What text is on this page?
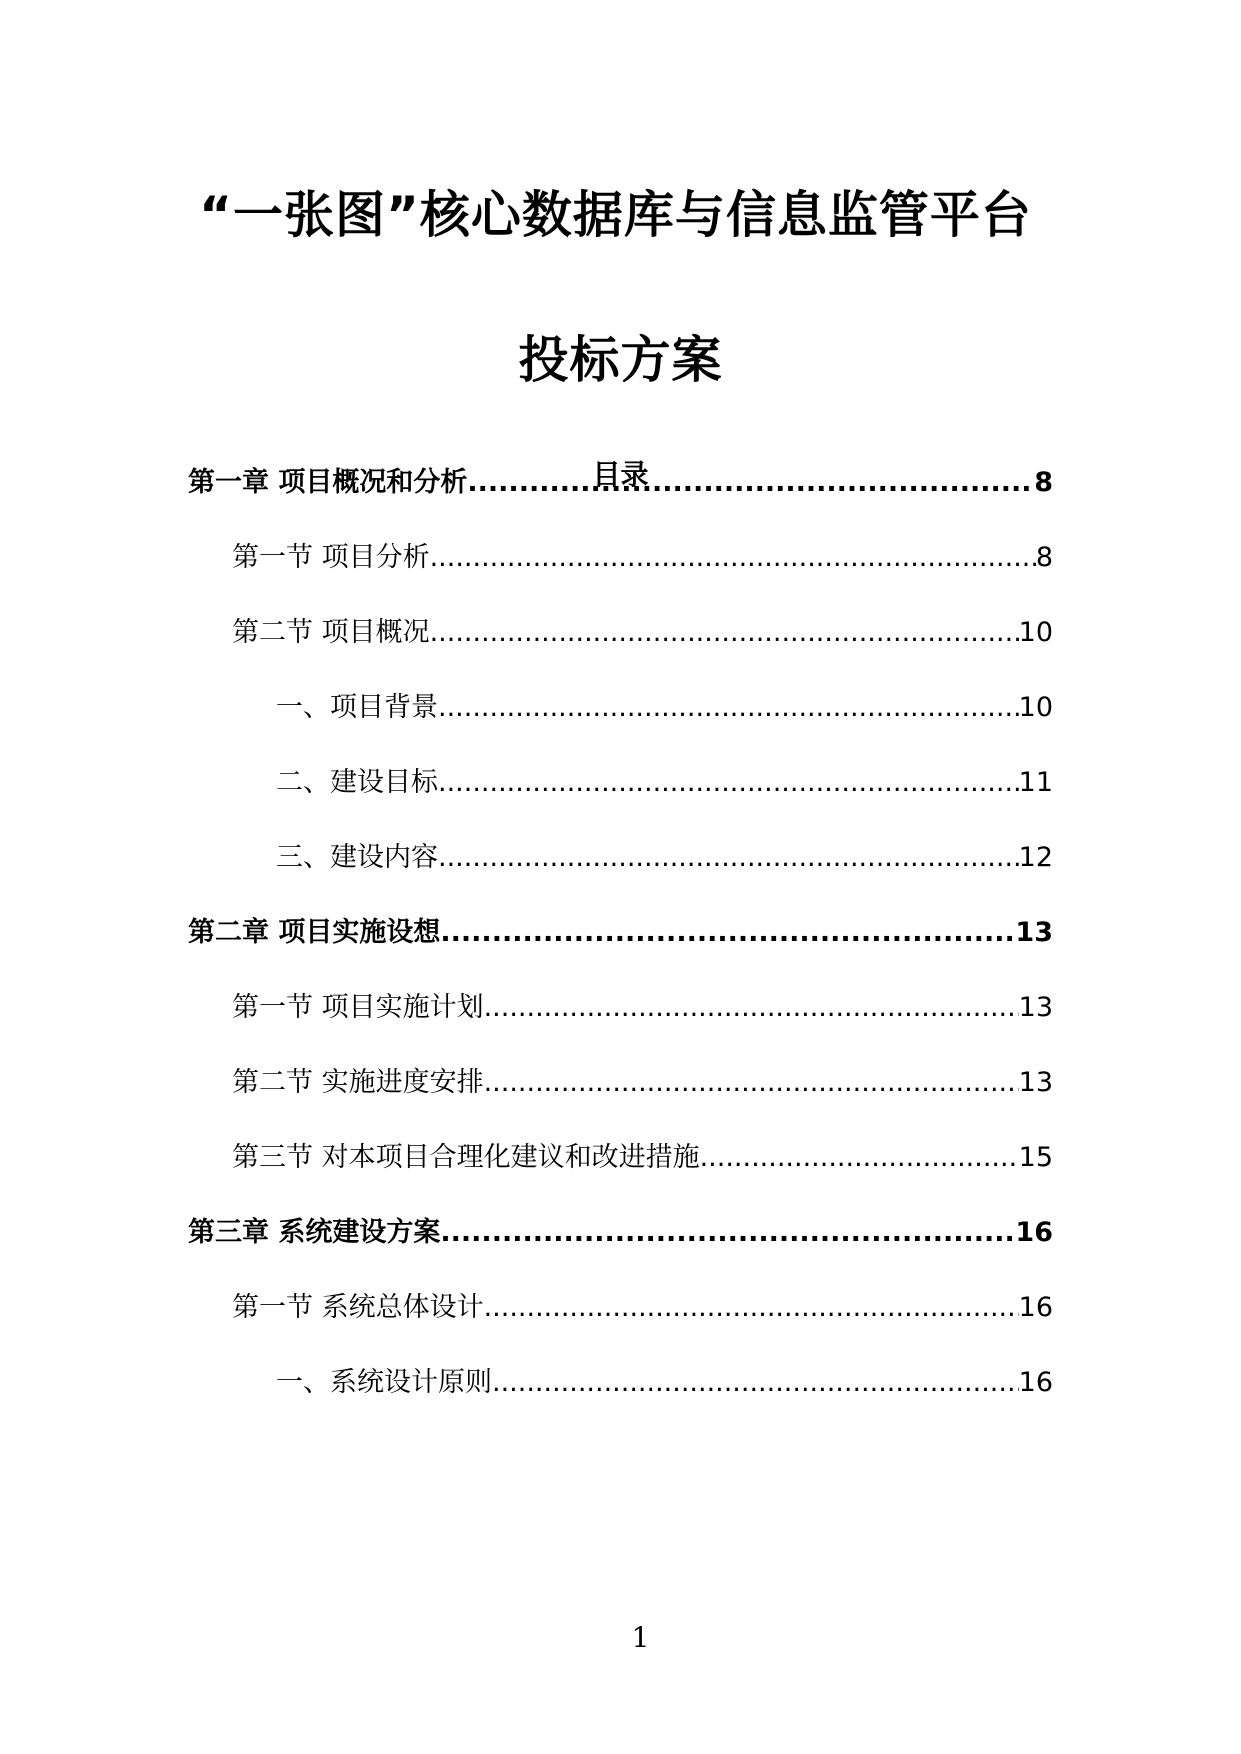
“一张图”核心数据库与信息监管平台
投标方案
目录
第一章 项目概况和分析 .....	8
第一节 项目分析 .....	8
第二节 项目概况 .....	10
一、项目背景 .....	10
二、建设目标 .....	11
三、建设内容 .....	12
第二章 项目实施设想 .....	13
第一节 项目实施计划 .....	13
第二节 实施进度安排 .....	13
第三节 对本项目合理化建议和改进措施 .....	15
第三章 系统建设方案 .....	16
第一节 系统总体设计 .....	16
一、系统设计原则 .....	16
1
